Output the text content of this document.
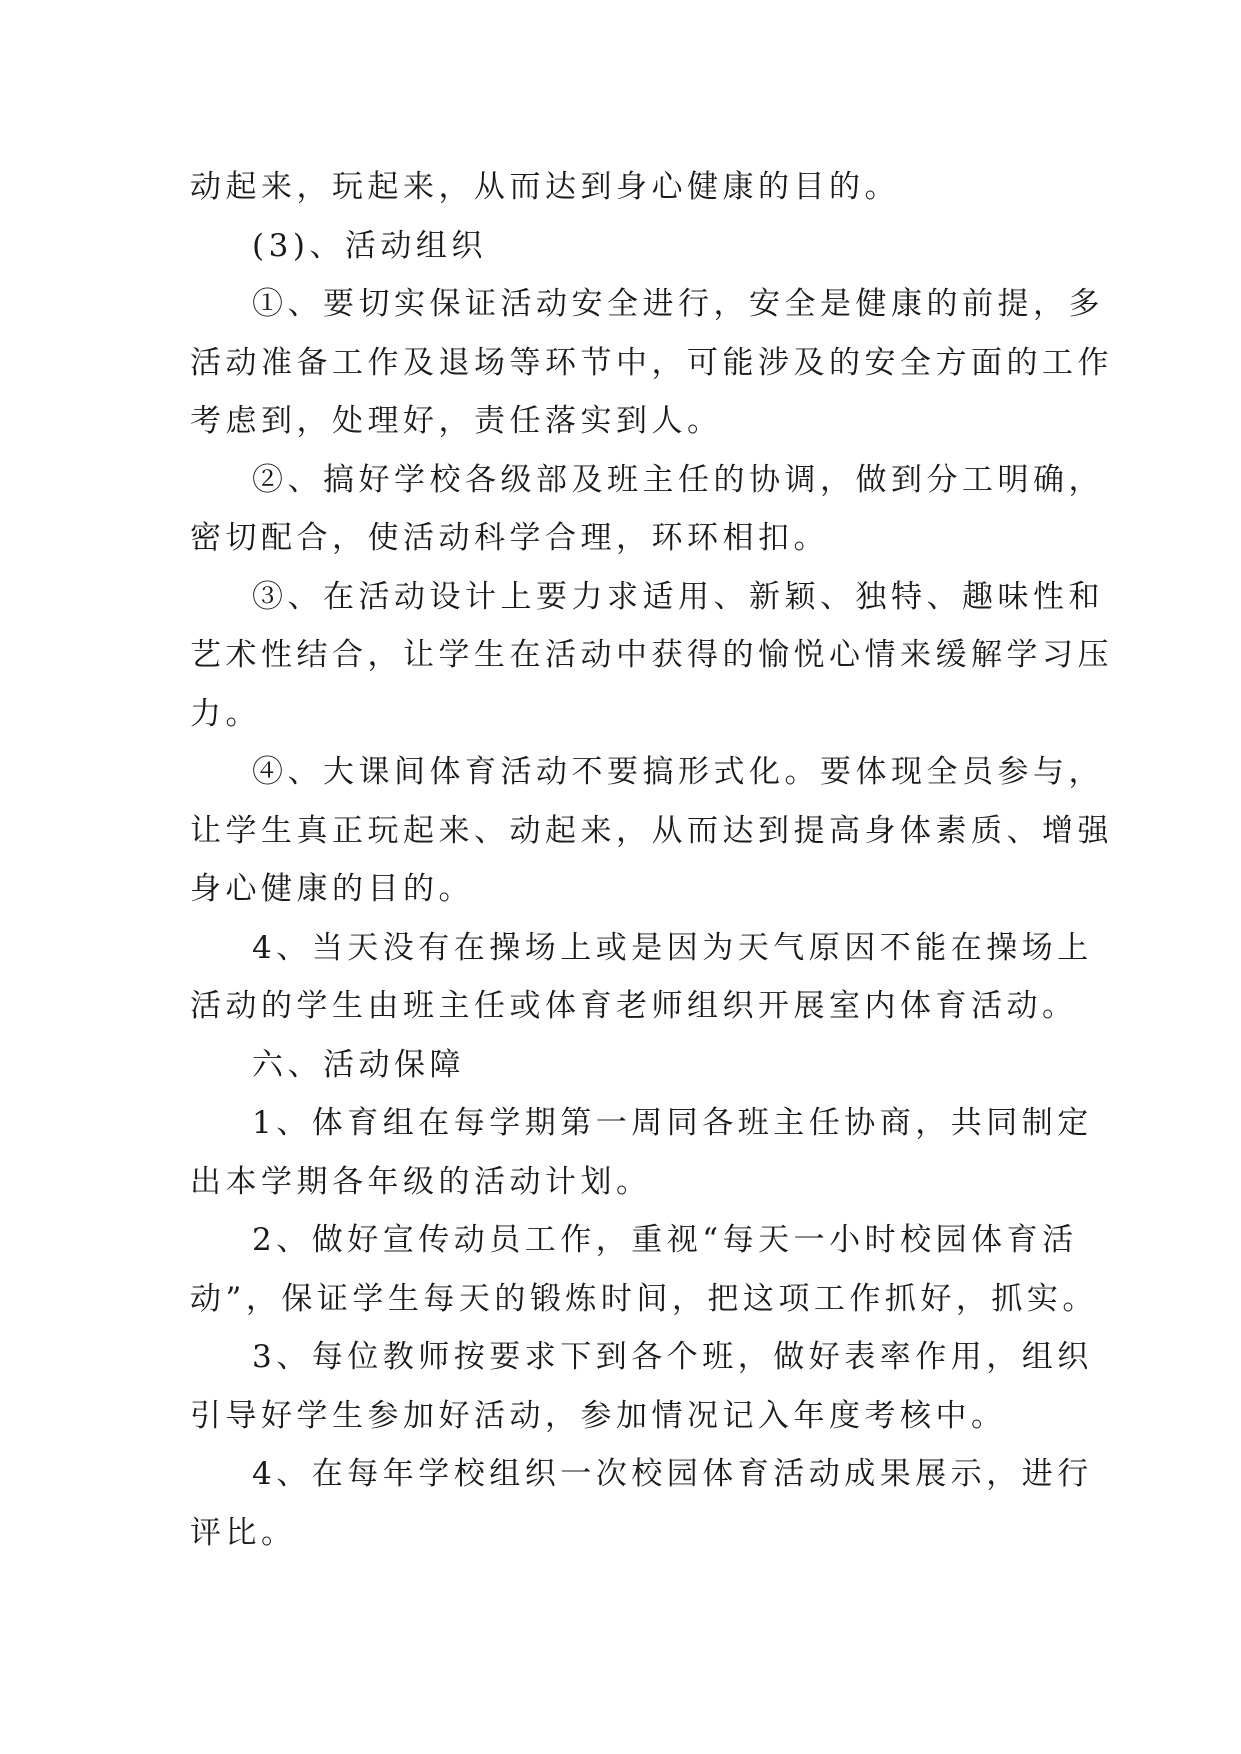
动起来，玩起来，从而达到身心健康的目的。
(3)、活动组织
①、要切实保证活动安全进行，安全是健康的前提，多
活动准备工作及退场等环节中，可能涉及的安全方面的工作
考虑到，处理好，责任落实到人。
②、搞好学校各级部及班主任的协调，做到分工明确，
密切配合，使活动科学合理，环环相扣。
③、在活动设计上要力求适用、新颖、独特、趣味性和
艺术性结合，让学生在活动中获得的愉悦心情来缓解学习压
力。
④、大课间体育活动不要搞形式化。要体现全员参与，
让学生真正玩起来、动起来，从而达到提高身体素质、增强
身心健康的目的。
4、当天没有在操场上或是因为天气原因不能在操场上
活动的学生由班主任或体育老师组织开展室内体育活动。
六、活动保障
1、体育组在每学期第一周同各班主任协商，共同制定
出本学期各年级的活动计划。
2、做好宣传动员工作，重视“每天一小时校园体育活
动”，保证学生每天的锻炼时间，把这项工作抓好，抓实。
3、每位教师按要求下到各个班，做好表率作用，组织
引导好学生参加好活动，参加情况记入年度考核中。
4、在每年学校组织一次校园体育活动成果展示，进行
评比。
